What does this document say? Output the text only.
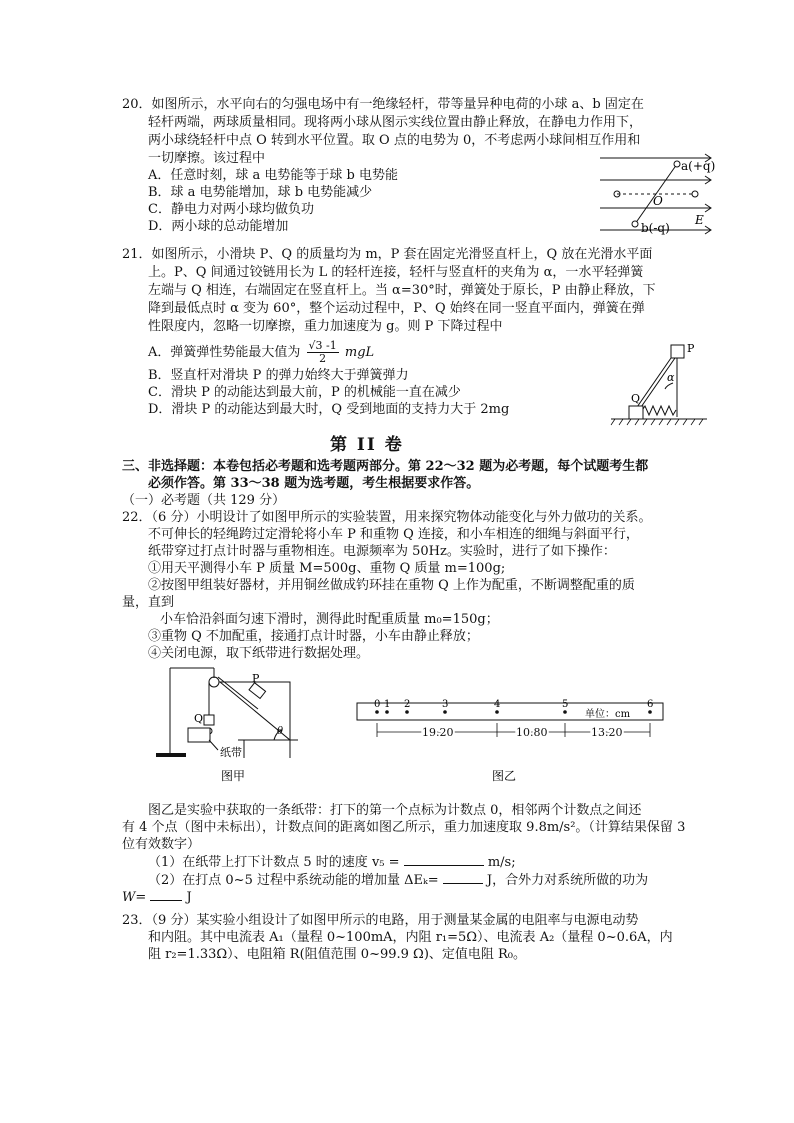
20．如图所示，水平向右的匀强电场中有一绝缘轻杆，带等量异种电荷的小球 a、b 固定在
轻杆两端，两球质量相同。现将两小球从图示实线位置由静止释放，在静电力作用下，
两小球绕轻杆中点 O 转到水平位置。取 O 点的电势为 0，不考虑两小球间相互作用和
一切摩擦。该过程中
A．任意时刻，球 a 电势能等于球 b 电势能
B．球 a 电势能增加，球 b 电势能减少
C．静电力对两小球均做负功
D．两小球的总动能增加
a(+q)
b(-q)
O
E
21．如图所示，小滑块 P、Q 的质量均为 m，P 套在固定光滑竖直杆上，Q 放在光滑水平面
上。P、Q 间通过铰链用长为 L 的轻杆连接，轻杆与竖直杆的夹角为 α，一水平轻弹簧
左端与 Q 相连，右端固定在竖直杆上。当 α=30°时，弹簧处于原长，P 由静止释放，下
降到最低点时 α 变为 60°，整个运动过程中，P、Q 始终在同一竖直平面内，弹簧在弹
性限度内，忽略一切摩擦，重力加速度为 g。则 P 下降过程中
A．弹簧弹性势能最大值为 $\frac{√3 -1}{2}$ mgL
B．竖直杆对滑块 P 的弹力始终大于弹簧弹力
C．滑块 P 的动能达到最大前，P 的机械能一直在减少
D．滑块 P 的动能达到最大时，Q 受到地面的支持力大于 2mg
P
Q
α
第 II 卷
三、非选择题：本卷包括必考题和选考题两部分。第 22～32 题为必考题，每个试题考生都
必须作答。第 33～38 题为选考题，考生根据要求作答。
（一）必考题（共 129 分）
22．（6 分）小明设计了如图甲所示的实验装置，用来探究物体动能变化与外力做功的关系。
不可伸长的轻绳跨过定滑轮将小车 P 和重物 Q 连接，和小车相连的细绳与斜面平行，
纸带穿过打点计时器与重物相连。电源频率为 50Hz。实验时，进行了如下操作：
①用天平测得小车 P 质量 M=500g、重物 Q 质量 m=100g;
②按图甲组装好器材，并用铜丝做成钓环挂在重物 Q 上作为配重，不断调整配重的质
量，直到
小车恰沿斜面匀速下滑时，测得此时配重质量 m₀=150g；
③重物 Q 不加配重，接通打点计时器，小车由静止释放；
④关闭电源，取下纸带进行数据处理。
P
Q
θ
纸带
图甲
0 1 2	3	4	5	6
单位：cm
19.20	10.80	13.20
图乙
图乙是实验中获取的一条纸带：打下的第一个点标为计数点 0，相邻两个计数点之间还
有 4 个点（图中未标出），计数点间的距离如图乙所示，重力加速度取 9.8m/s²。（计算结果保留 3
位有效数字）
（1）在纸带上打下计数点 5 时的速度 v₅ =	m/s;
（2）在打点 0~5 过程中系统动能的增加量 ΔEₖ=	J，合外力对系统所做的功为
W=	J
23．（9 分）某实验小组设计了如图甲所示的电路，用于测量某金属的电阻率与电源电动势
和内阻。其中电流表 A₁（量程 0~100mA，内阻 r₁=5Ω）、电流表 A₂（量程 0~0.6A，内
阻 r₂=1.33Ω）、电阻箱 R(阻值范围 0~99.9 Ω)、定值电阻 R₀。
